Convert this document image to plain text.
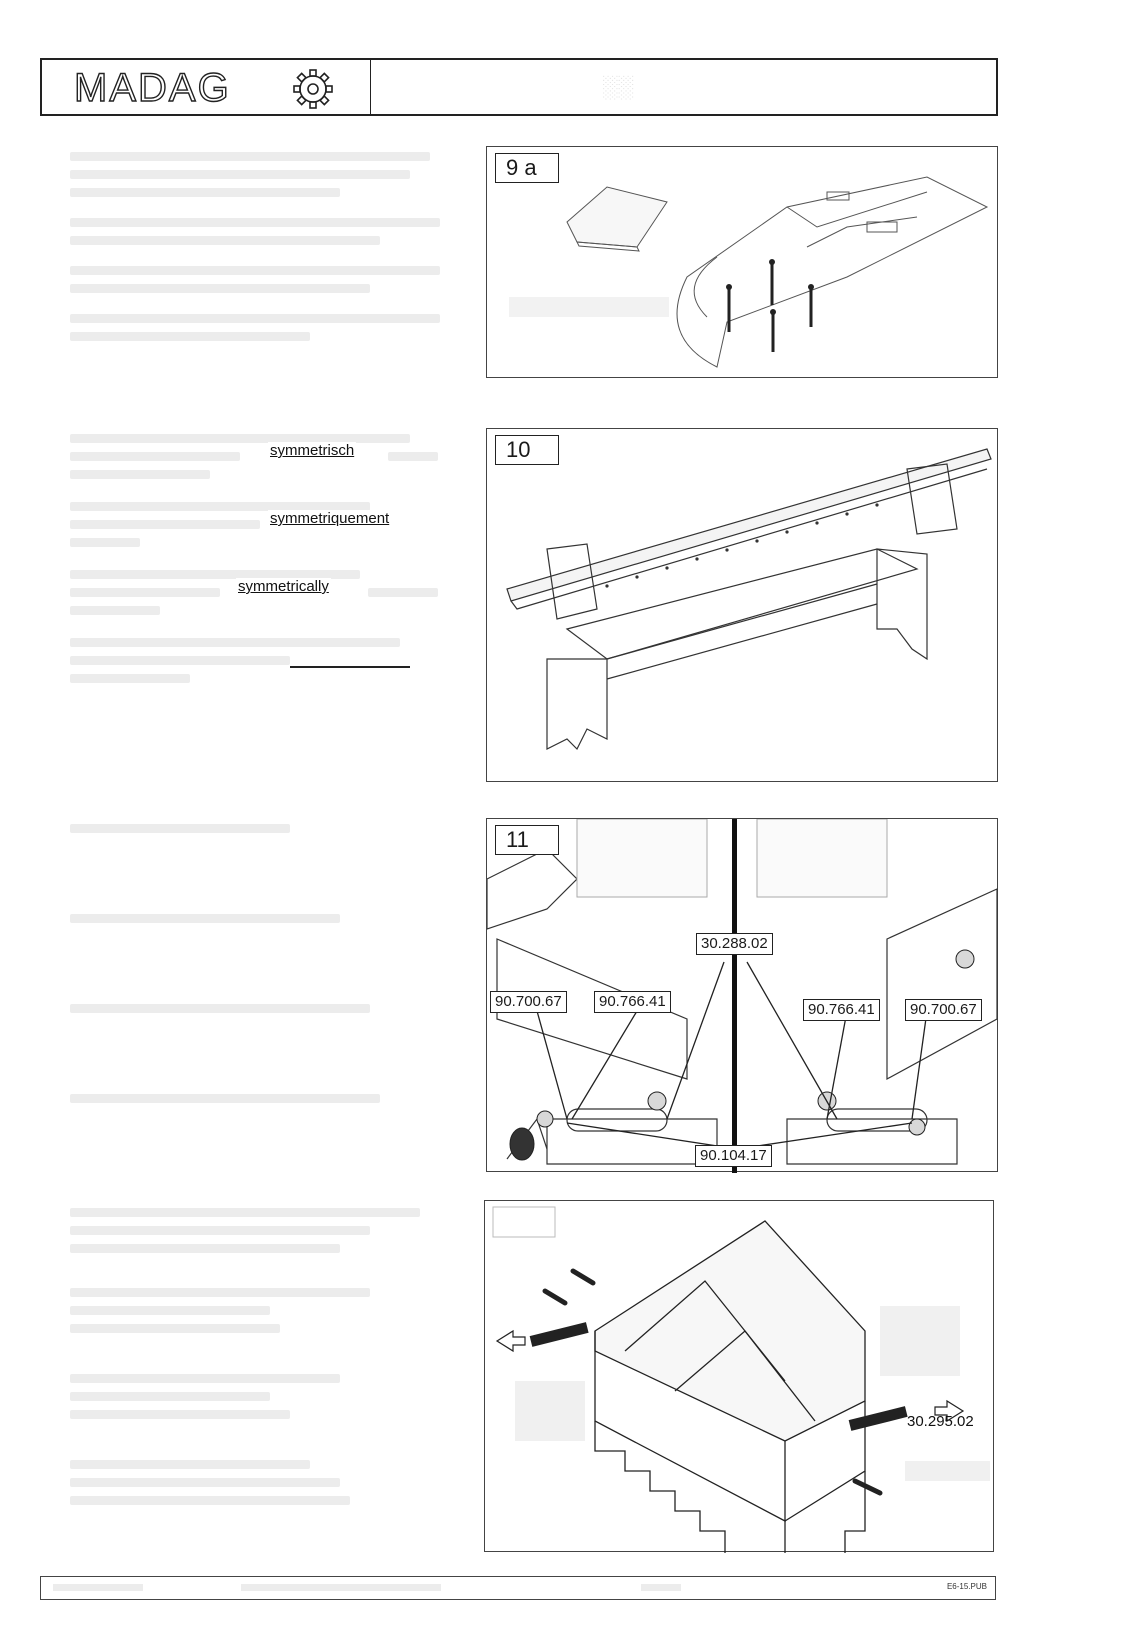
MADAG	░░
symmetrisch
symmetriquement
symmetrically
9 a
10
11
30.288.02
90.700.67	90.766.41	90.766.41	90.700.67
90.104.17
30.295.02
E6-15.PUB
